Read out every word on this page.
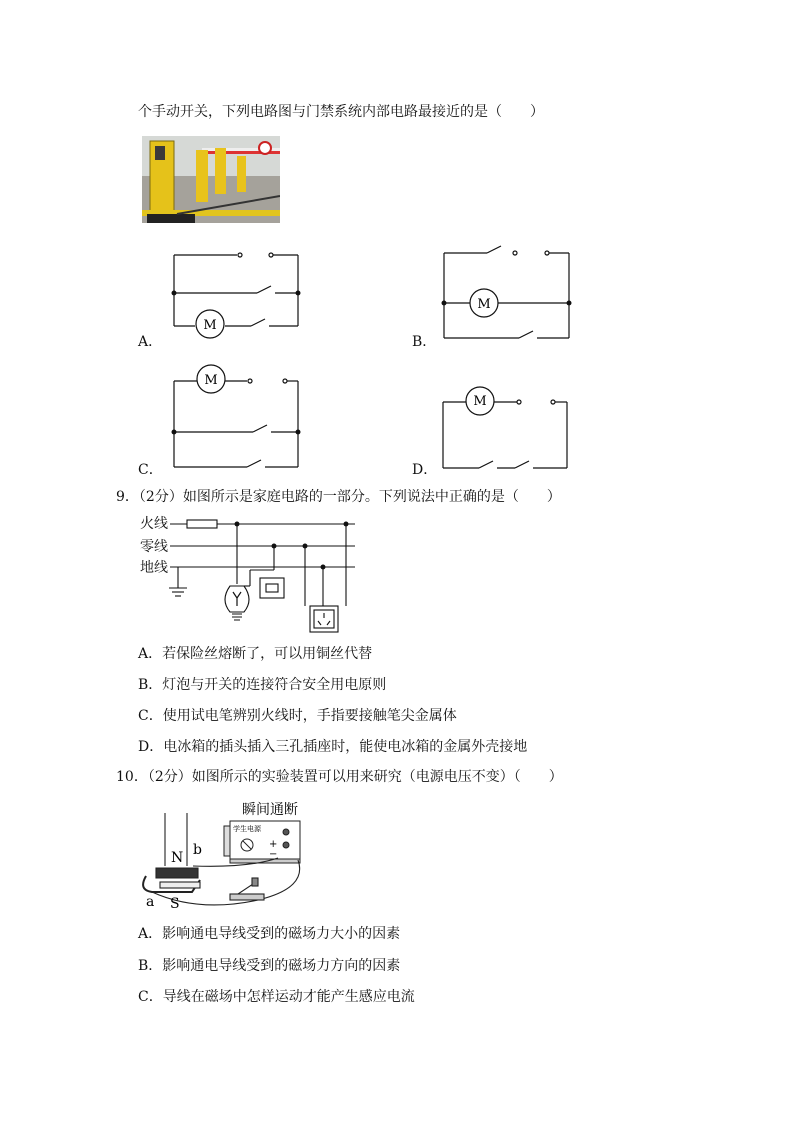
个手动开关，下列电路图与门禁系统内部电路最接近的是（　　）
M
A．
M
B．
M
C．
M
D．
9．（2分）如图所示是家庭电路的一部分。下列说法中正确的是（　　）
火线
零线
地线
A．若保险丝熔断了，可以用铜丝代替
B．灯泡与开关的连接符合安全用电原则
C．使用试电笔辨别火线时，手指要接触笔尖金属体
D．电冰箱的插头插入三孔插座时，能使电冰箱的金属外壳接地
10．（2分）如图所示的实验装置可以用来研究（电源电压不变）（　　）
瞬间通断
学生电源
+
−
N b
a S
A．影响通电导线受到的磁场力大小的因素
B．影响通电导线受到的磁场力方向的因素
C．导线在磁场中怎样运动才能产生感应电流
